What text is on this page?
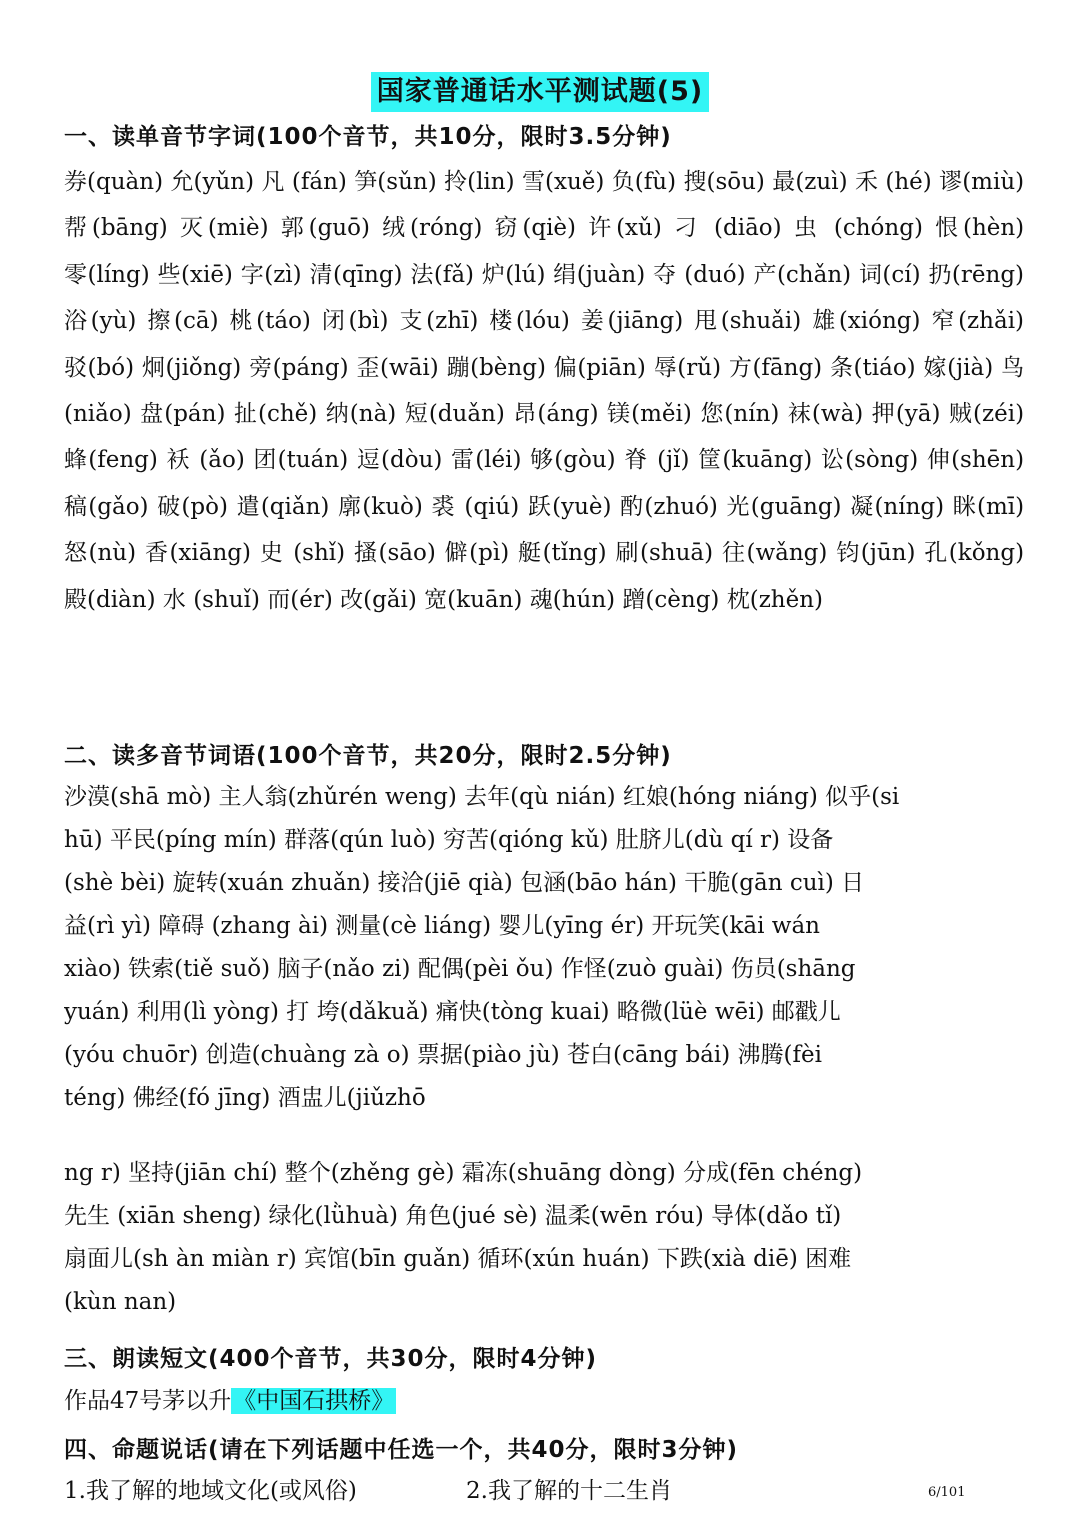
国家普通话水平测试题(5)
一、读单音节字词(100个音节，共10分，限时3.5分钟)
券(quàn) 允(yǔn) 凡 (fán) 笋(sǔn) 拎(lin) 雪(xuě) 负(fù) 搜(sōu) 最(zuì) 禾 (hé) 谬(miù) 帮(bāng) 灭(miè) 郭(guō) 绒(róng) 窃(qiè) 许(xǔ) 刁 (diāo) 虫 (chóng) 恨(hèn) 零(líng) 些(xiē) 字(zì) 清(qīng) 法(fǎ) 炉(lú) 绢(juàn) 夺 (duó) 产(chǎn) 词(cí) 扔(rēng) 浴(yù) 擦(cā) 桃(táo) 闭(bì) 支(zhī) 楼(lóu) 姜(jiāng) 甩(shuǎi) 雄(xióng) 窄(zhǎi) 驳(bó) 炯(jiǒng) 旁(páng) 歪(wāi) 蹦(bèng) 偏(piān) 辱(rǔ) 方(fāng) 条(tiáo) 嫁(jià) 鸟 (niǎo) 盘(pán) 扯(chě) 纳(nà) 短(duǎn) 昂(ánɡ) 镁(měi) 您(nín) 袜(wà) 押(yā) 贼(zéi) 蜂(feng) 袄 (ǎo) 团(tuán) 逗(dòu) 雷(léi) 够(gòu) 脊 (jǐ) 筐(kuāng) 讼(sòng) 伸(shēn) 稿(gǎo) 破(pò) 遣(qiǎn) 廓(kuò) 裘 (qiú) 跃(yuè) 酌(zhuó) 光(guāng) 凝(níng) 眯(mī) 怒(nù) 香(xiāng) 史 (shǐ) 搔(sāo) 僻(pì) 艇(tǐng) 刷(shuā) 往(wǎng) 钧(jūn) 孔(kǒng) 殿(diàn) 水 (shuǐ) 而(ér) 改(gǎi) 宽(kuān) 魂(hún) 蹭(cèng) 枕(zhěn)
二、读多音节词语(100个音节，共20分，限时2.5分钟)
沙漠(shā mò) 主人翁(zhǔrén weng) 去年(qù nián) 红娘(hóng niáng) 似乎(si
hū) 平民(píng mín) 群落(qún luò) 穷苦(qióng kǔ) 肚脐儿(dù qí r) 设备
(shè bèi) 旋转(xuán zhuǎn) 接洽(jiē qià) 包涵(bāo hán) 干脆(gān cuì) 日
益(rì yì) 障碍 (zhang ài) 测量(cè liáng) 婴儿(yīng ér) 开玩笑(kāi wán
xiào) 铁索(tiě suǒ) 脑子(nǎo zi) 配偶(pèi ǒu) 作怪(zuò guài) 伤员(shāng
yuán) 利用(lì yòng) 打 垮(dǎkuǎ) 痛快(tòng kuai) 略微(lüè wēi) 邮戳儿
(yóu chuōr) 创造(chuàng zà o) 票据(piào jù) 苍白(cāng bái) 沸腾(fèi
téng) 佛经(fó jīng) 酒盅儿(jiǔzhō
ng r) 坚持(jiān chí) 整个(zhěng gè) 霜冻(shuāng dòng) 分成(fēn chéng)
先生 (xiān sheng) 绿化(lǜhuà) 角色(jué sè) 温柔(wēn róu) 导体(dǎo tǐ)
扇面儿(sh àn miàn r) 宾馆(bīn guǎn) 循环(xún huán) 下跌(xià diē) 困难
(kùn nan)
三、朗读短文(400个音节，共30分，限时4分钟)
作品47号茅以升《中国石拱桥》
四、命题说话(请在下列话题中任选一个，共40分，限时3分钟)
1.我了解的地域文化(或风俗)	2.我了解的十二生肖	6/101
